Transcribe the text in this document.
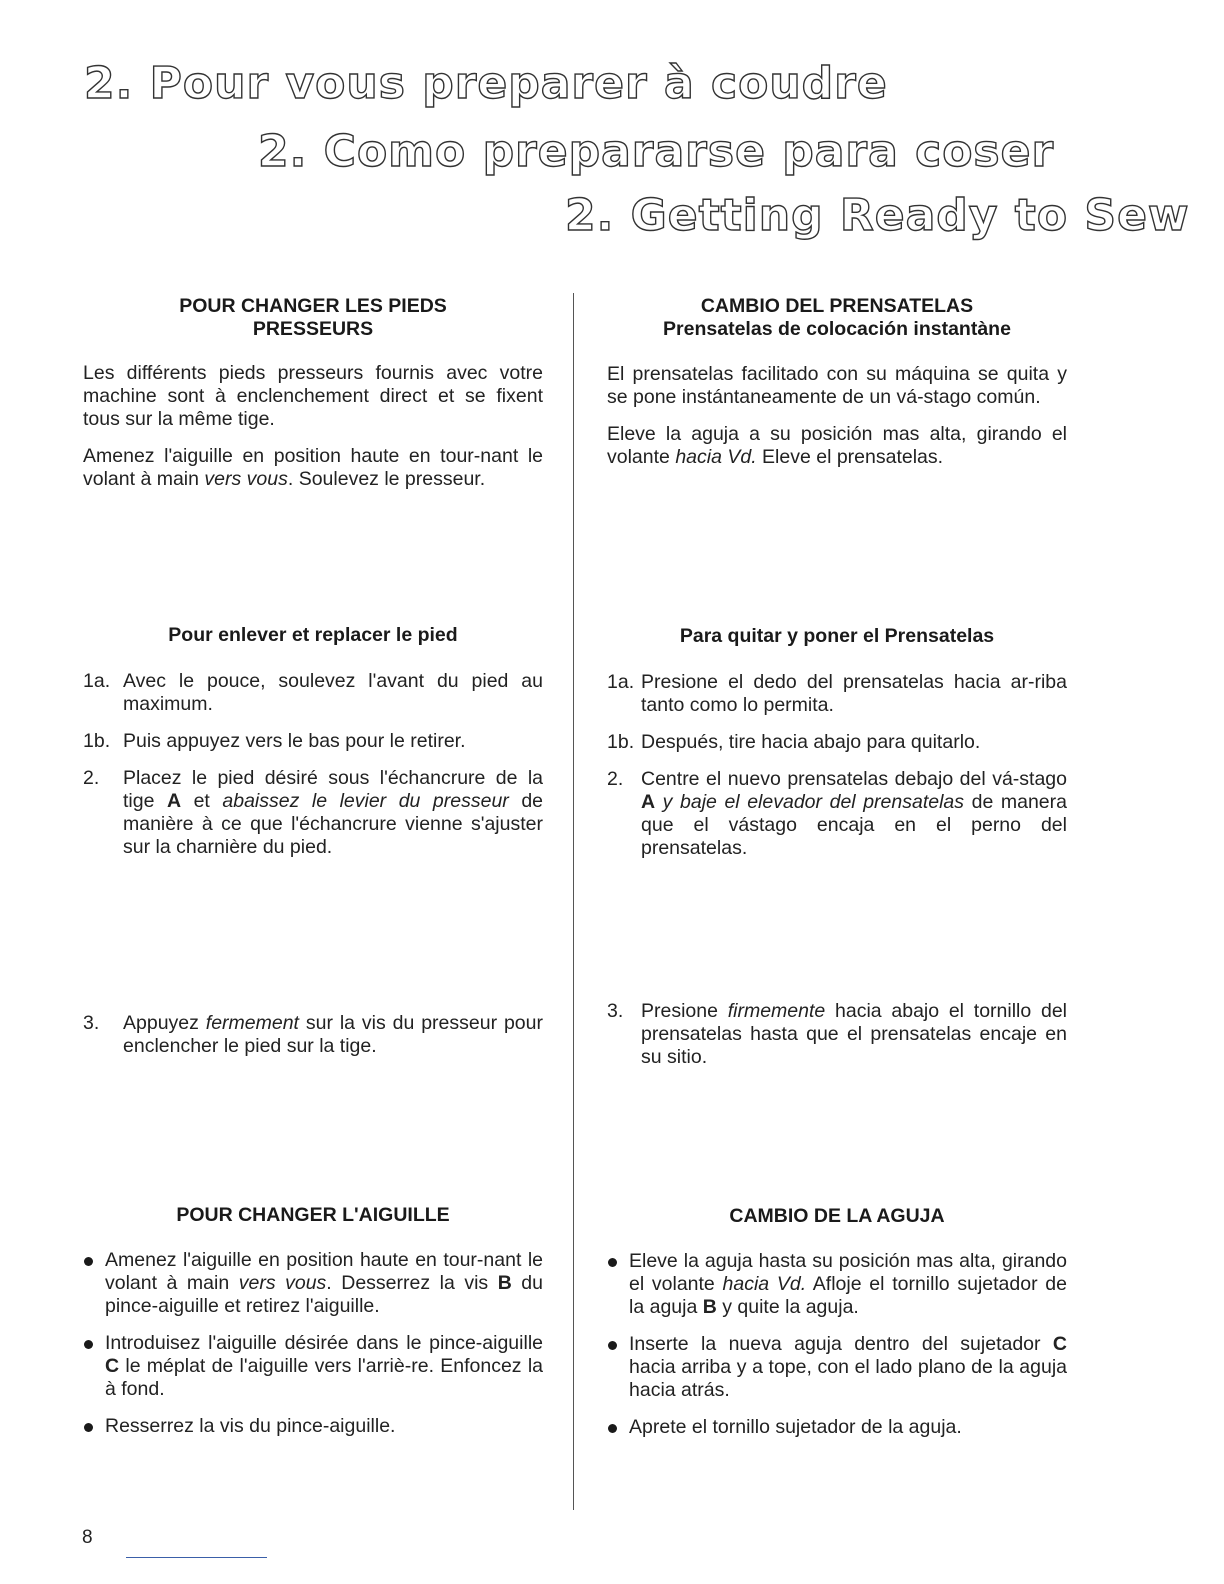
2. Pour vous preparer à coudre
2. Como prepararse para coser
2. Getting Ready to Sew
POUR CHANGER LES PIEDS
PRESSEURS

Les différents pieds presseurs fournis avec votre machine sont à enclenchement direct et se fixent tous sur la même tige.

Amenez l'aiguille en position haute en tour-nant le volant à main vers vous. Soulevez le presseur.

Pour enlever et replacer le pied
1a. Avec le pouce, soulevez l'avant du pied au maximum.
1b. Puis appuyez vers le bas pour le retirer.
2. Placez le pied désiré sous l'échancrure de la tige A et abaissez le levier du presseur de manière à ce que l'échancrure vienne s'ajuster sur la charnière du pied.
3. Appuyez fermement sur la vis du presseur pour enclencher le pied sur la tige.
POUR CHANGER L'AIGUILLE
Amenez l'aiguille en position haute en tour-nant le volant à main vers vous. Desserrez la vis B du pince-aiguille et retirez l'aiguille.
Introduisez l'aiguille désirée dans le pince-aiguille C le méplat de l'aiguille vers l'arriè-re. Enfoncez la à fond.
Resserrez la vis du pince-aiguille.
CAMBIO DEL PRENSATELAS
Prensatelas de colocación instantàne

El prensatelas facilitado con su máquina se quita y se pone instántaneamente de un vá-stago común.

Eleve la aguja a su posición mas alta, girando el volante hacia Vd. Eleve el prensatelas.

Para quitar y poner el Prensatelas
1a. Presione el dedo del prensatelas hacia ar-riba tanto como lo permita.
1b. Después, tire hacia abajo para quitarlo.
2. Centre el nuevo prensatelas debajo del vá-stago A y baje el elevador del prensatelas de manera que el vástago encaja en el perno del prensatelas.
3. Presione firmemente hacia abajo el tornillo del prensatelas hasta que el prensatelas encaje en su sitio.
CAMBIO DE LA AGUJA
Eleve la aguja hasta su posición mas alta, girando el volante hacia Vd. Afloje el tornillo sujetador de la aguja B y quite la aguja.
Inserte la nueva aguja dentro del sujetador C hacia arriba y a tope, con el lado plano de la aguja hacia atrás.
Aprete el tornillo sujetador de la aguja.
8
